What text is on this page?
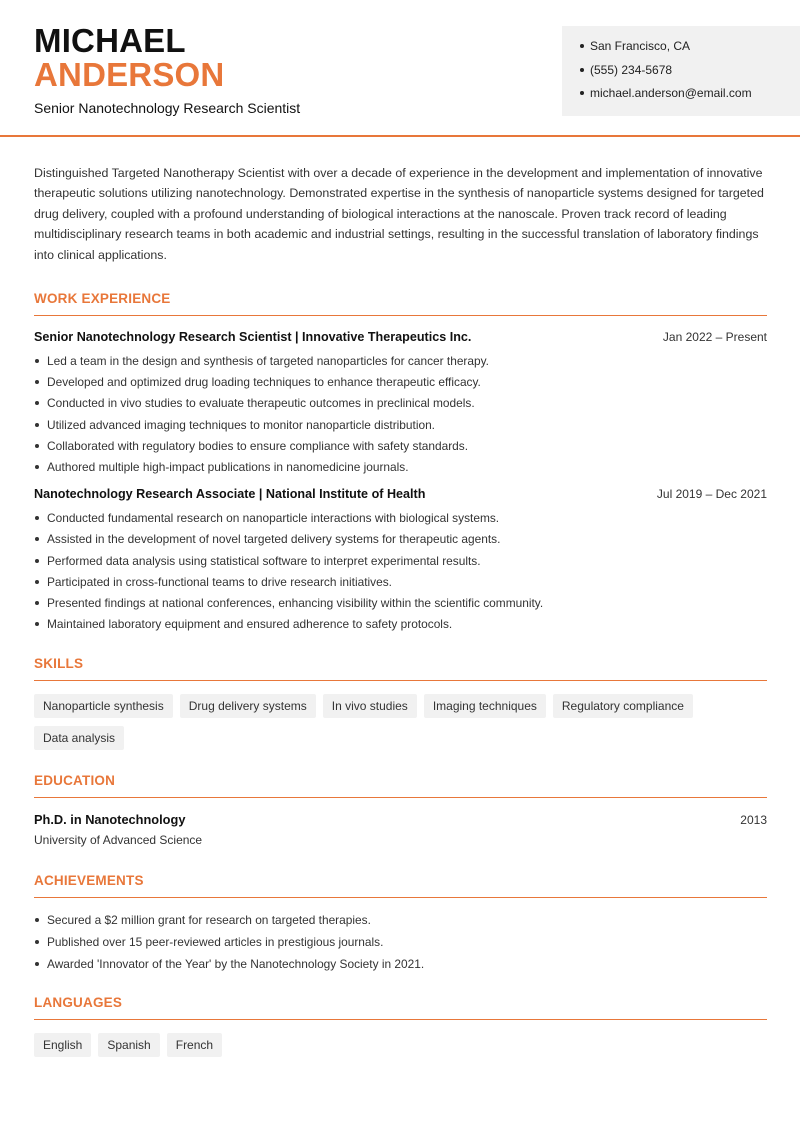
MICHAEL
ANDERSON
Senior Nanotechnology Research Scientist
San Francisco, CA
(555) 234-5678
michael.anderson@email.com

Distinguished Targeted Nanotherapy Scientist with over a decade of experience in the development and implementation of innovative therapeutic solutions utilizing nanotechnology. Demonstrated expertise in the synthesis of nanoparticle systems designed for targeted drug delivery, coupled with a profound understanding of biological interactions at the nanoscale. Proven track record of leading multidisciplinary research teams in both academic and industrial settings, resulting in the successful translation of laboratory findings into clinical applications.

WORK EXPERIENCE
Senior Nanotechnology Research Scientist | Innovative Therapeutics Inc.	Jan 2022 – Present
Led a team in the design and synthesis of targeted nanoparticles for cancer therapy.
Developed and optimized drug loading techniques to enhance therapeutic efficacy.
Conducted in vivo studies to evaluate therapeutic outcomes in preclinical models.
Utilized advanced imaging techniques to monitor nanoparticle distribution.
Collaborated with regulatory bodies to ensure compliance with safety standards.
Authored multiple high-impact publications in nanomedicine journals.
Nanotechnology Research Associate | National Institute of Health	Jul 2019 – Dec 2021
Conducted fundamental research on nanoparticle interactions with biological systems.
Assisted in the development of novel targeted delivery systems for therapeutic agents.
Performed data analysis using statistical software to interpret experimental results.
Participated in cross-functional teams to drive research initiatives.
Presented findings at national conferences, enhancing visibility within the scientific community.
Maintained laboratory equipment and ensured adherence to safety protocols.
SKILLS
Nanoparticle synthesis	Drug delivery systems	In vivo studies	Imaging techniques	Regulatory compliance
Data analysis
EDUCATION
Ph.D. in Nanotechnology	2013
University of Advanced Science
ACHIEVEMENTS
Secured a $2 million grant for research on targeted therapies.
Published over 15 peer-reviewed articles in prestigious journals.
Awarded 'Innovator of the Year' by the Nanotechnology Society in 2021.
LANGUAGES
English	Spanish	French
